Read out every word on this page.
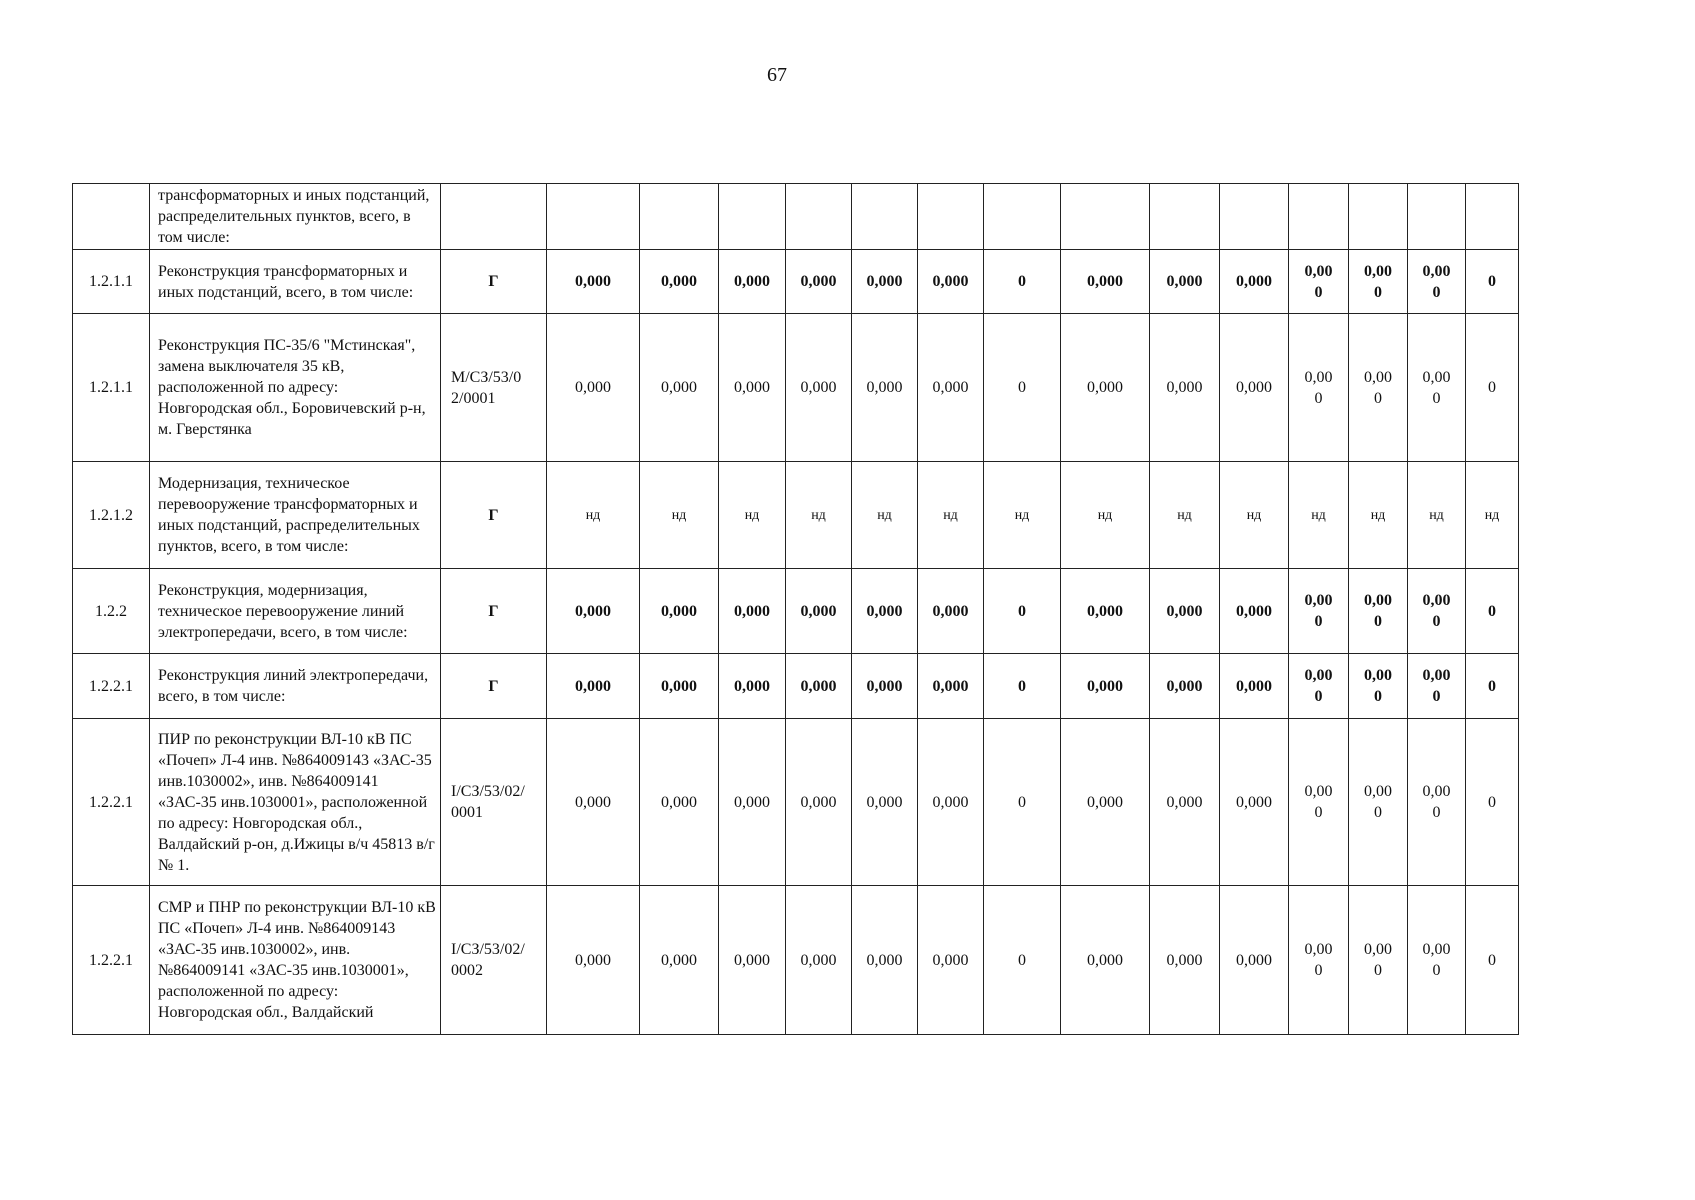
67
	трансформаторных и иных подстанций, распределительных пунктов, всего, в том числе:															
1.2.1.1	Реконструкция трансформаторных и иных подстанций, всего, в том числе:	Г	0,000	0,000	0,000	0,000	0,000	0,000	0	0,000	0,000	0,000	0,000	0,000	0,000	0
1.2.1.1	Реконструкция ПС-35/6 "Мстинская", замена выключателя 35 кВ, расположенной по адресу: Новгородская обл., Боровичевский р-н, м. Гверстянка	М/СЗ/53/02/0001	0,000	0,000	0,000	0,000	0,000	0,000	0	0,000	0,000	0,000	0,000	0,000	0,000	0
1.2.1.2	Модернизация, техническое перевооружение трансформаторных и иных подстанций, распределительных пунктов, всего, в том числе:	Г	нд	нд	нд	нд	нд	нд	нд	нд	нд	нд	нд	нд	нд	нд
1.2.2	Реконструкция, модернизация, техническое перевооружение линий электропередачи, всего, в том числе:	Г	0,000	0,000	0,000	0,000	0,000	0,000	0	0,000	0,000	0,000	0,000	0,000	0,000	0
1.2.2.1	Реконструкция линий электропередачи, всего, в том числе:	Г	0,000	0,000	0,000	0,000	0,000	0,000	0	0,000	0,000	0,000	0,000	0,000	0,000	0
1.2.2.1	ПИР по реконструкции ВЛ-10 кВ ПС «Почеп» Л-4 инв. №864009143 «ЗАС-35 инв.1030002», инв. №864009141 «ЗАС-35 инв.1030001», расположенной по адресу: Новгородская обл., Валдайский р-он, д.Ижицы в/ч 45813 в/г № 1.	I/СЗ/53/02/0001	0,000	0,000	0,000	0,000	0,000	0,000	0	0,000	0,000	0,000	0,000	0,000	0,000	0
1.2.2.1	СМР и ПНР по реконструкции ВЛ-10 кВ ПС «Почеп» Л-4 инв. №864009143 «ЗАС-35 инв.1030002», инв. №864009141 «ЗАС-35 инв.1030001», расположенной по адресу: Новгородская обл., Валдайский	I/СЗ/53/02/0002	0,000	0,000	0,000	0,000	0,000	0,000	0	0,000	0,000	0,000	0,000	0,000	0,000	0
